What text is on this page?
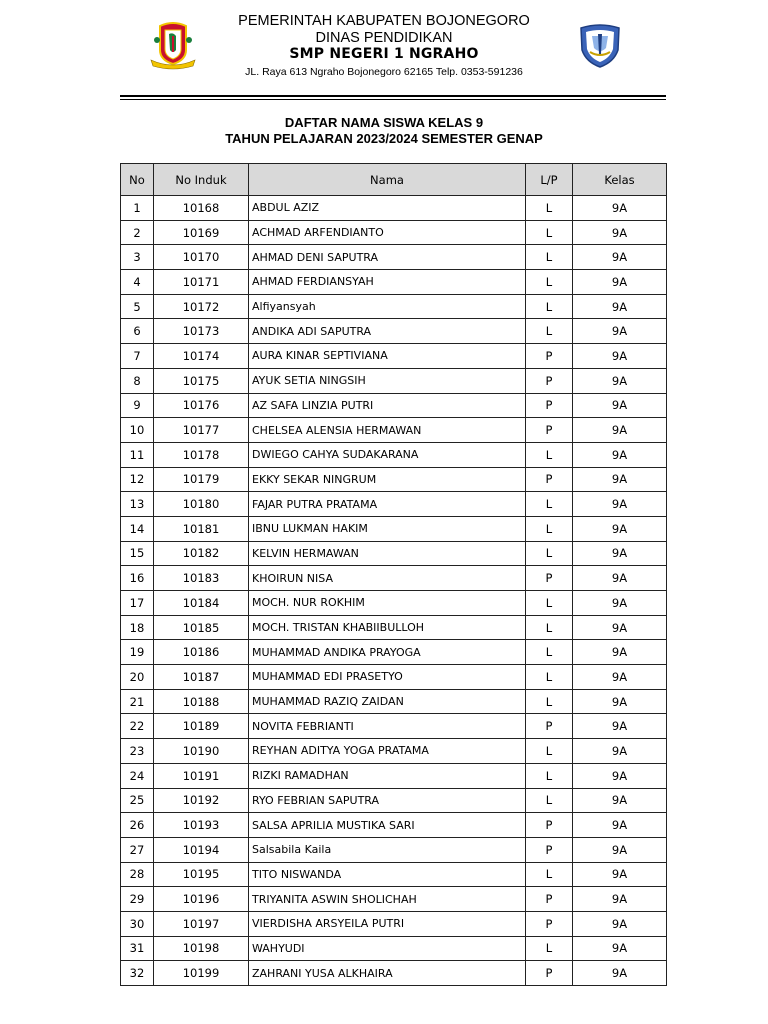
PEMERINTAH KABUPATEN BOJONEGORO
DINAS PENDIDIKAN
SMP NEGERI 1 NGRAHO
JL. Raya 613 Ngraho Bojonegoro 62165 Telp. 0353-591236
DAFTAR NAMA SISWA KELAS 9
TAHUN PELAJARAN 2023/2024 SEMESTER GENAP
No	No Induk	Nama	L/P	Kelas
1	10168	ABDUL AZIZ	L	9A
2	10169	ACHMAD ARFENDIANTO	L	9A
3	10170	AHMAD DENI SAPUTRA	L	9A
4	10171	AHMAD FERDIANSYAH	L	9A
5	10172	Alfiyansyah	L	9A
6	10173	ANDIKA ADI SAPUTRA	L	9A
7	10174	AURA KINAR SEPTIVIANA	P	9A
8	10175	AYUK SETIA NINGSIH	P	9A
9	10176	AZ SAFA LINZIA PUTRI	P	9A
10	10177	CHELSEA ALENSIA HERMAWAN	P	9A
11	10178	DWIEGO CAHYA SUDAKARANA	L	9A
12	10179	EKKY SEKAR NINGRUM	P	9A
13	10180	FAJAR PUTRA PRATAMA	L	9A
14	10181	IBNU LUKMAN HAKIM	L	9A
15	10182	KELVIN HERMAWAN	L	9A
16	10183	KHOIRUN NISA	P	9A
17	10184	MOCH. NUR ROKHIM	L	9A
18	10185	MOCH. TRISTAN KHABIIBULLOH	L	9A
19	10186	MUHAMMAD ANDIKA PRAYOGA	L	9A
20	10187	MUHAMMAD EDI PRASETYO	L	9A
21	10188	MUHAMMAD RAZIQ ZAIDAN	L	9A
22	10189	NOVITA FEBRIANTI	P	9A
23	10190	REYHAN ADITYA YOGA PRATAMA	L	9A
24	10191	RIZKI RAMADHAN	L	9A
25	10192	RYO FEBRIAN SAPUTRA	L	9A
26	10193	SALSA APRILIA MUSTIKA SARI	P	9A
27	10194	Salsabila Kaila	P	9A
28	10195	TITO NISWANDA	L	9A
29	10196	TRIYANITA ASWIN SHOLICHAH	P	9A
30	10197	VIERDISHA ARSYEILA PUTRI	P	9A
31	10198	WAHYUDI	L	9A
32	10199	ZAHRANI YUSA ALKHAIRA	P	9A
